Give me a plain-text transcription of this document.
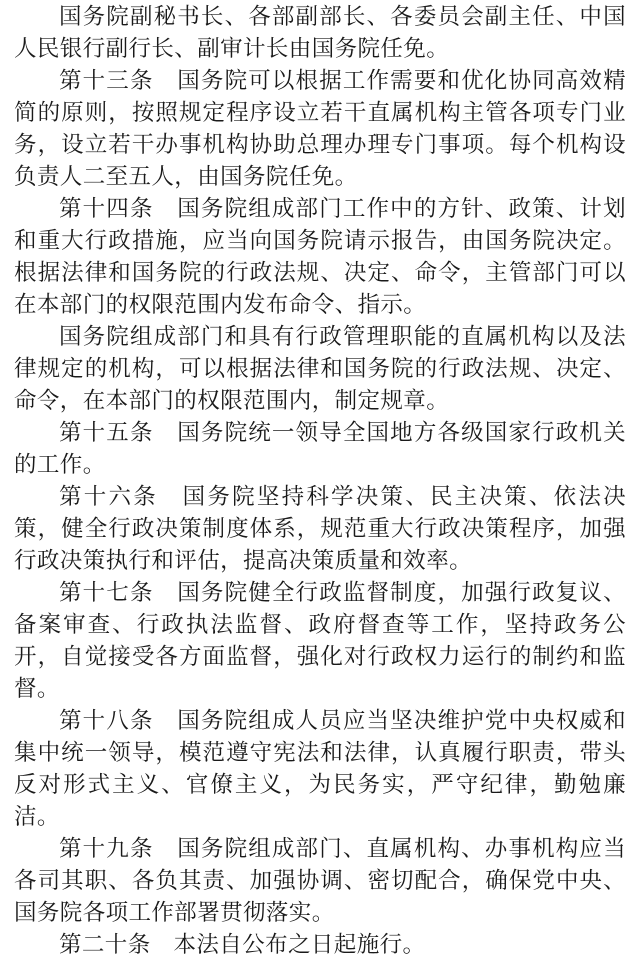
国务院副秘书长、各部副部长、各委员会副主任、中国人民银行副行长、副审计长由国务院任免。

第十三条　国务院可以根据工作需要和优化协同高效精简的原则，按照规定程序设立若干直属机构主管各项专门业务，设立若干办事机构协助总理办理专门事项。每个机构设负责人二至五人，由国务院任免。

第十四条　国务院组成部门工作中的方针、政策、计划和重大行政措施，应当向国务院请示报告，由国务院决定。根据法律和国务院的行政法规、决定、命令，主管部门可以在本部门的权限范围内发布命令、指示。

国务院组成部门和具有行政管理职能的直属机构以及法律规定的机构，可以根据法律和国务院的行政法规、决定、命令，在本部门的权限范围内，制定规章。

第十五条　国务院统一领导全国地方各级国家行政机关的工作。

第十六条　国务院坚持科学决策、民主决策、依法决策，健全行政决策制度体系，规范重大行政决策程序，加强行政决策执行和评估，提高决策质量和效率。

第十七条　国务院健全行政监督制度，加强行政复议、备案审查、行政执法监督、政府督查等工作，坚持政务公开，自觉接受各方面监督，强化对行政权力运行的制约和监督。

第十八条　国务院组成人员应当坚决维护党中央权威和集中统一领导，模范遵守宪法和法律，认真履行职责，带头反对形式主义、官僚主义，为民务实，严守纪律，勤勉廉洁。

第十九条　国务院组成部门、直属机构、办事机构应当各司其职、各负其责、加强协调、密切配合，确保党中央、国务院各项工作部署贯彻落实。

第二十条　本法自公布之日起施行。
